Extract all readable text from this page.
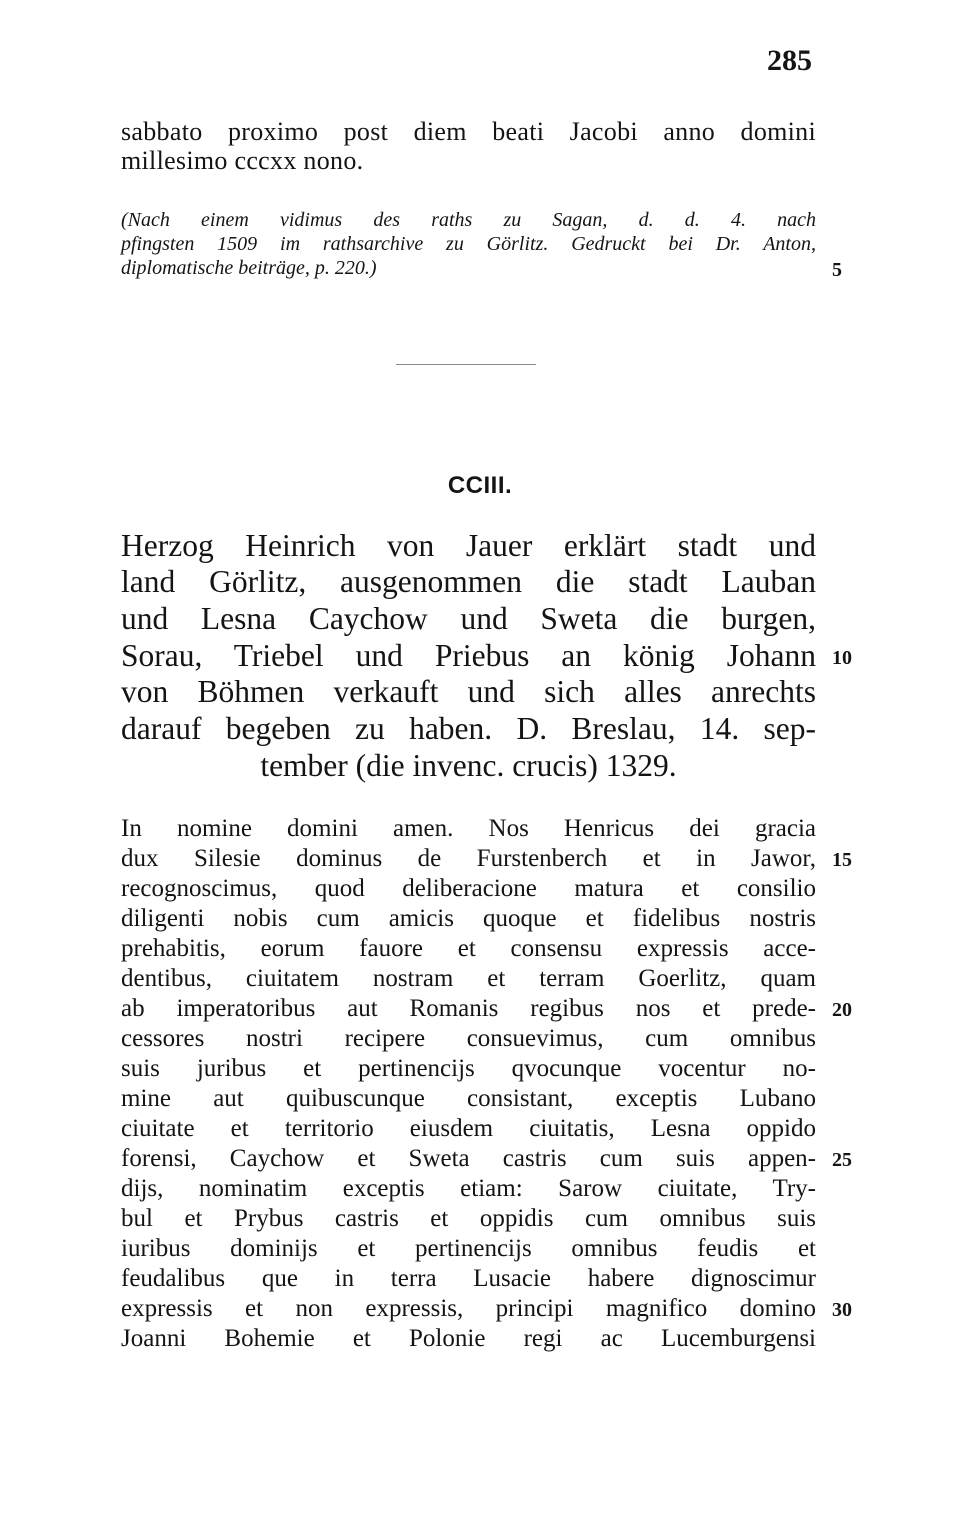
285
sabbato proximo post diem beati Jacobi anno domini
millesimo cccxx nono.
(Nach einem vidimus des raths zu Sagan, d. d. 4. nach
pfingsten 1509 im rathsarchive zu Görlitz. Gedruckt bei Dr. Anton,
diplomatische beiträge, p. 220.)
CCIII.
Herzog Heinrich von Jauer erklärt stadt und
land Görlitz, ausgenommen die stadt Lauban
und Lesna Caychow und Sweta die burgen,
Sorau, Triebel und Priebus an könig Johann
von Böhmen verkauft und sich alles anrechts
darauf begeben zu haben. D. Breslau, 14. sep-
tember (die invenc. crucis) 1329.
In nomine domini amen. Nos Henricus dei gracia
dux Silesie dominus de Furstenberch et in Jawor,
recognoscimus, quod deliberacione matura et consilio
diligenti nobis cum amicis quoque et fidelibus nostris
prehabitis, eorum fauore et consensu expressis acce-
dentibus, ciuitatem nostram et terram Goerlitz, quam
ab imperatoribus aut Romanis regibus nos et prede-
cessores nostri recipere consuevimus, cum omnibus
suis juribus et pertinencijs qvocunque vocentur no-
mine aut quibuscunque consistant, exceptis Lubano
ciuitate et territorio eiusdem ciuitatis, Lesna oppido
forensi, Caychow et Sweta castris cum suis appen-
dijs, nominatim exceptis etiam: Sarow ciuitate, Try-
bul et Prybus castris et oppidis cum omnibus suis
iuribus dominijs et pertinencijs omnibus feudis et
feudalibus que in terra Lusacie habere dignoscimur
expressis et non expressis, principi magnifico domino
Joanni Bohemie et Polonie regi ac Lucemburgensi
5
10
15
20
25
30
